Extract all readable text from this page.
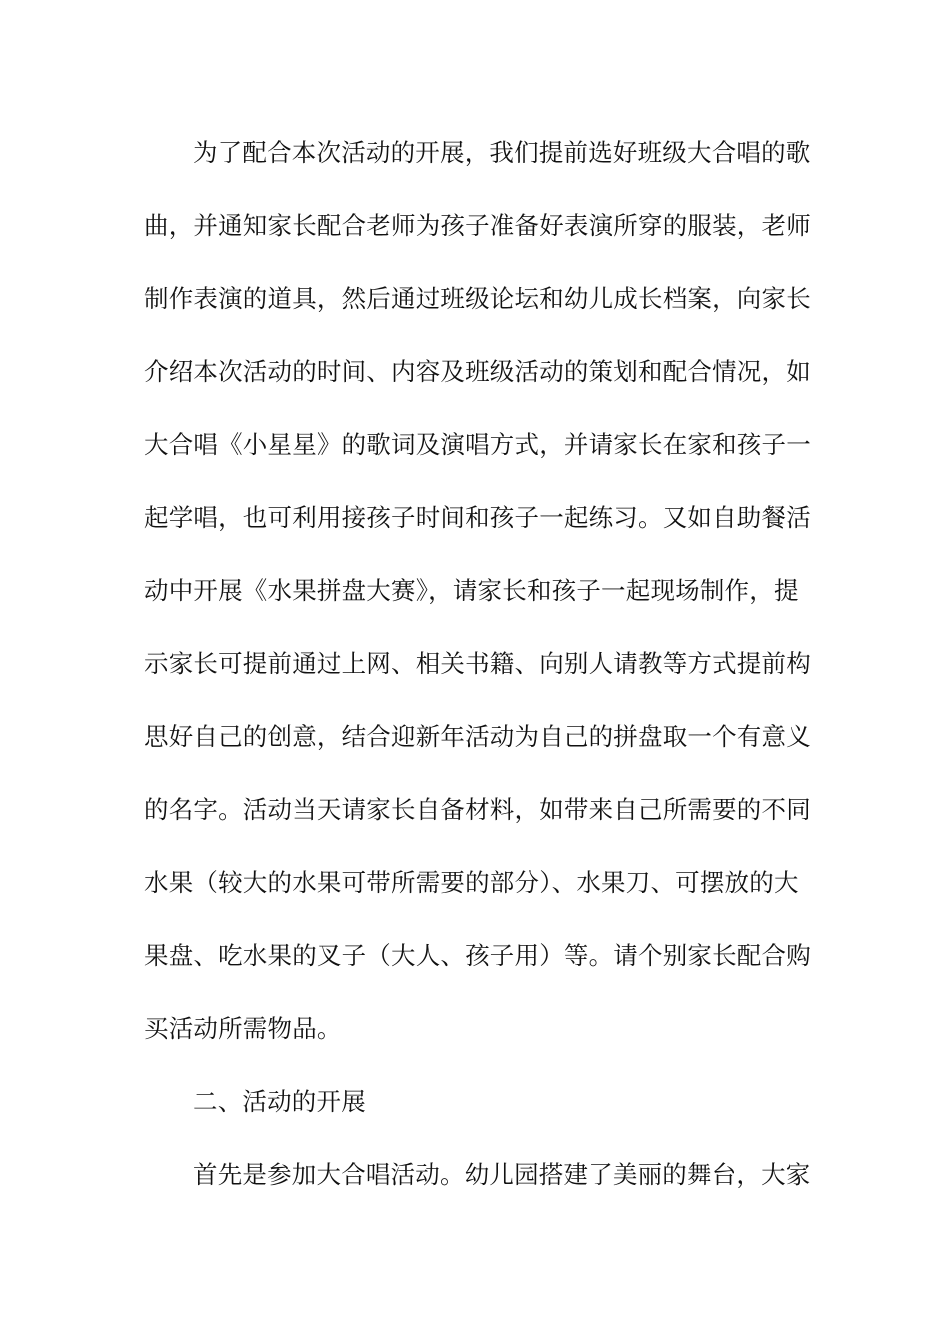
为了配合本次活动的开展，我们提前选好班级大合唱的歌
曲，并通知家长配合老师为孩子准备好表演所穿的服装，老师
制作表演的道具，然后通过班级论坛和幼儿成长档案，向家长
介绍本次活动的时间、内容及班级活动的策划和配合情况，如
大合唱《小星星》的歌词及演唱方式，并请家长在家和孩子一
起学唱，也可利用接孩子时间和孩子一起练习。又如自助餐活
动中开展《水果拼盘大赛》，请家长和孩子一起现场制作，提
示家长可提前通过上网、相关书籍、向别人请教等方式提前构
思好自己的创意，结合迎新年活动为自己的拼盘取一个有意义
的名字。活动当天请家长自备材料，如带来自己所需要的不同
水果（较大的水果可带所需要的部分）、水果刀、可摆放的大
果盘、吃水果的叉子（大人、孩子用）等。请个别家长配合购
买活动所需物品。
二、活动的开展
首先是参加大合唱活动。幼儿园搭建了美丽的舞台，大家
